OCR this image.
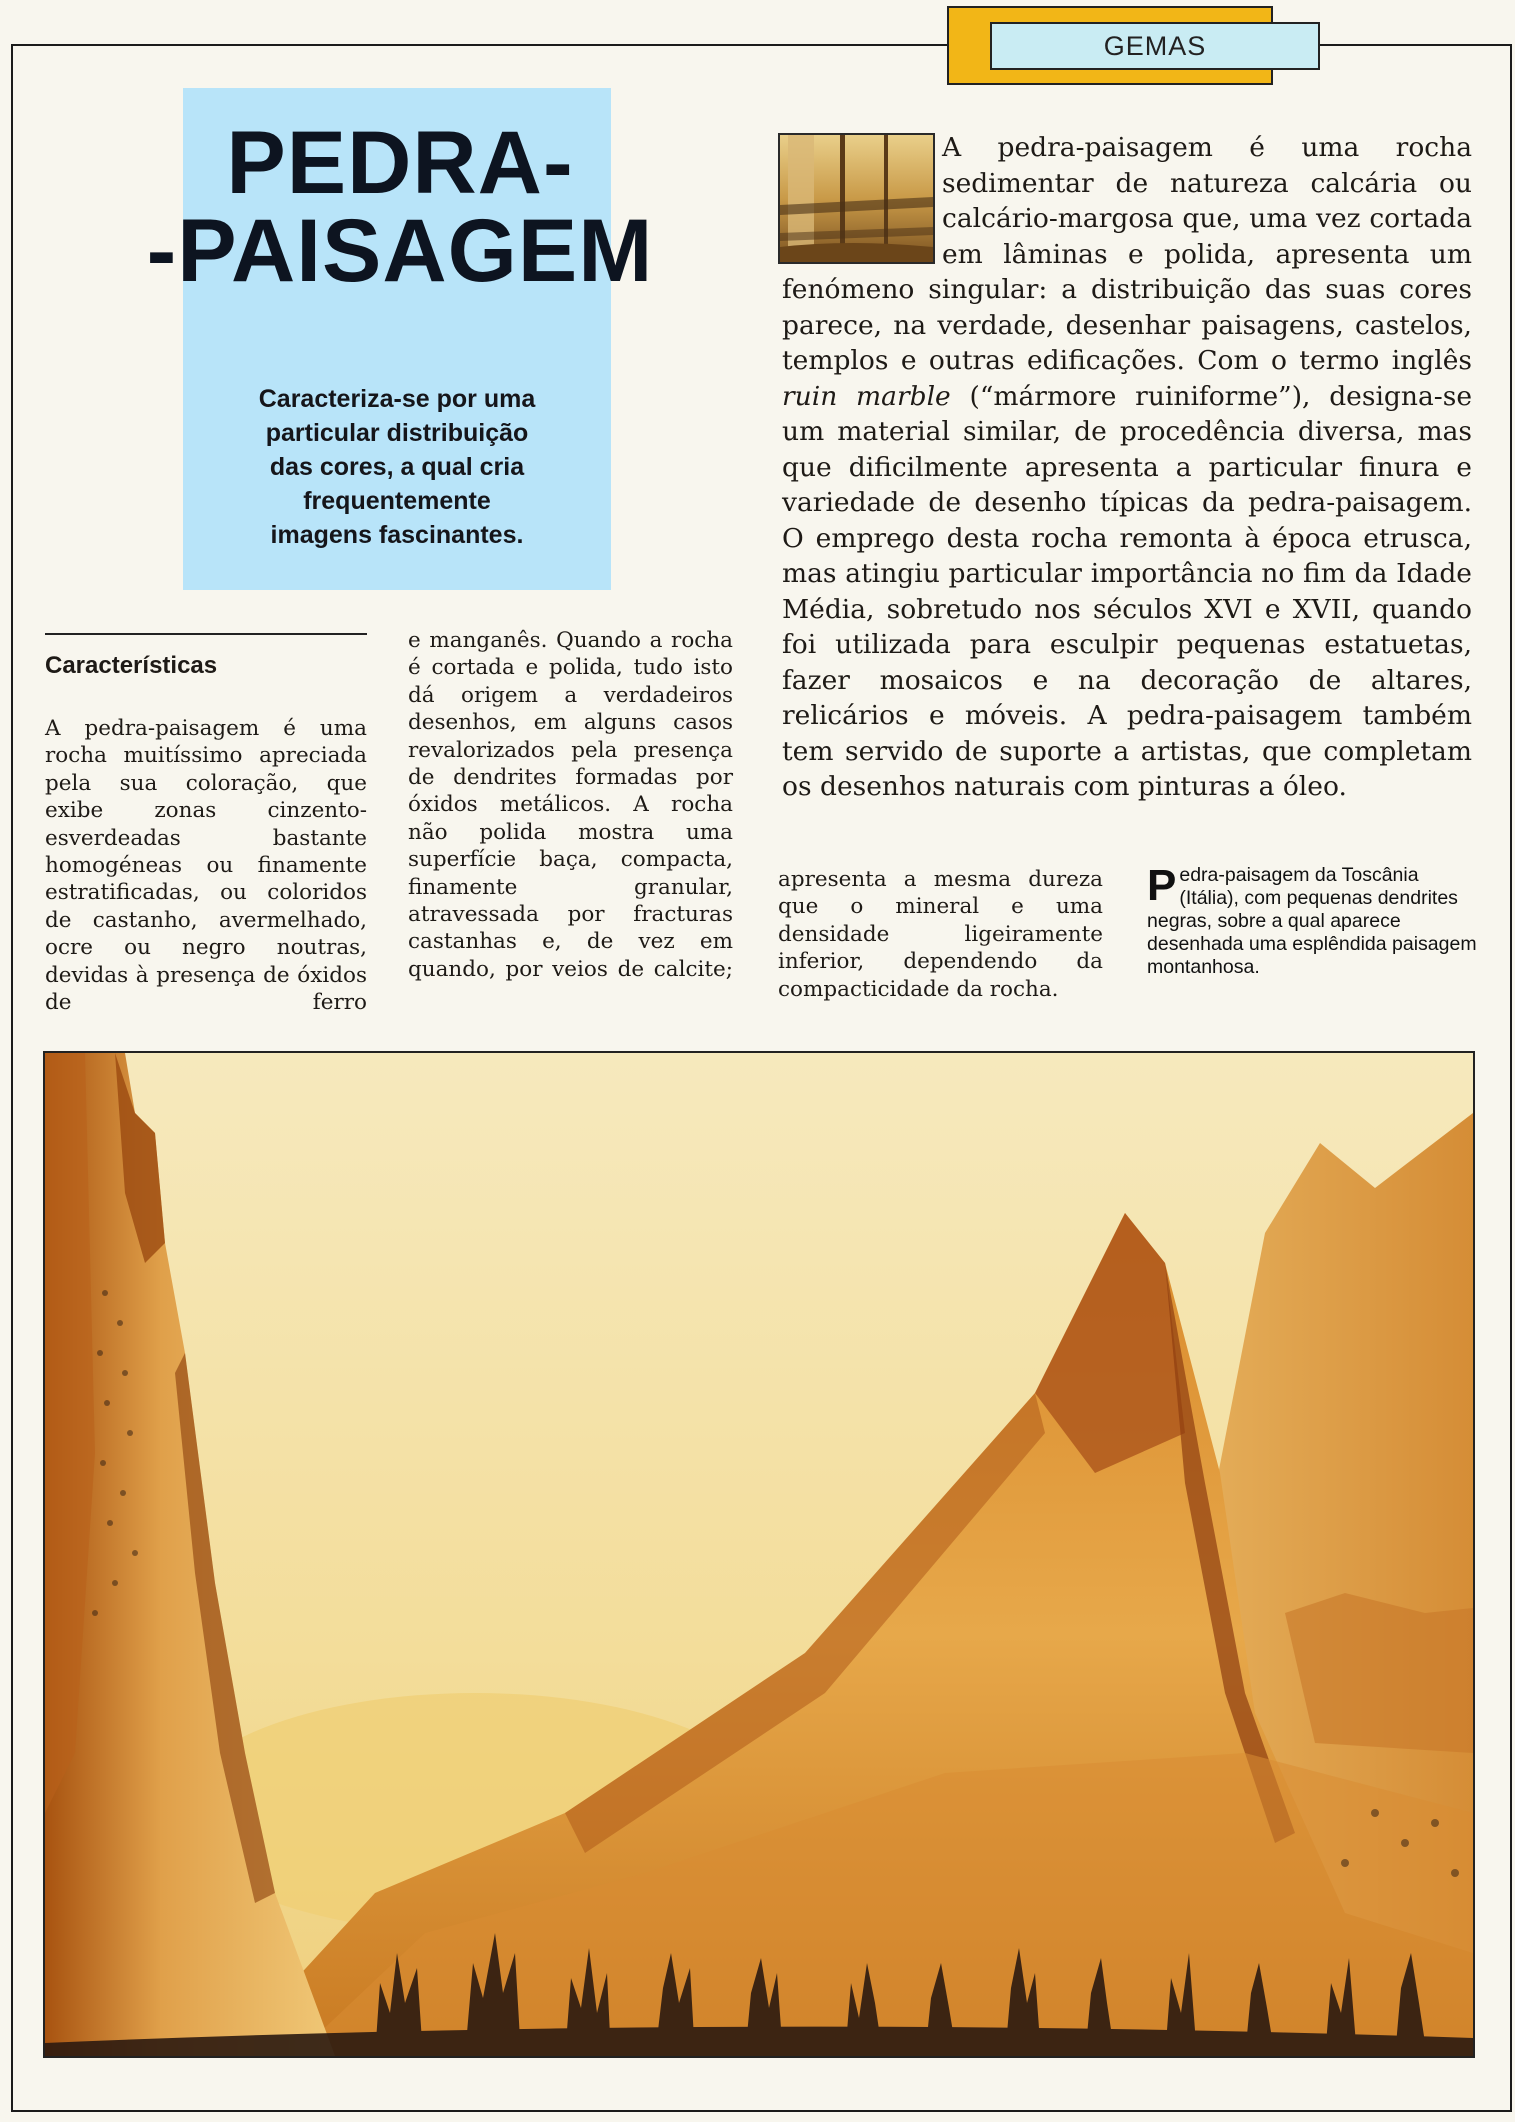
GEMAS
PEDRA-
-PAISAGEM

Caracteriza-se por uma
particular distribuição
das cores, a qual cria
frequentemente
imagens fascinantes.

A pedra-paisagem é uma rocha sedimentar de natureza calcária ou calcário-margosa que, uma vez cortada em lâminas e polida, apresenta um fenómeno singular: a distribuição das suas cores parece, na verdade, desenhar paisagens, castelos, templos e outras edificações. Com o termo inglês ruin marble (“mármore ruiniforme”), designa-se um material similar, de procedência diversa, mas que dificilmente apresenta a particular finura e variedade de desenho típicas da pedra-paisagem. O emprego desta rocha remonta à época etrusca, mas atingiu particular importância no fim da Idade Média, sobretudo nos séculos XVI e XVII, quando foi utilizada para esculpir pequenas estatuetas, fazer mosaicos e na decoração de altares, relicários e móveis. A pedra-paisagem também tem servido de suporte a artistas, que completam os desenhos naturais com pinturas a óleo.

Características

A pedra-paisagem é uma rocha muitíssimo apreciada pela sua coloração, que exibe zonas cinzento-esverdeadas bastante homogéneas ou finamente estratificadas, ou coloridos de castanho, avermelhado, ocre ou negro noutras, devidas à presença de óxidos de ferro

e manganês. Quando a rocha é cortada e polida, tudo isto dá origem a verdadeiros desenhos, em alguns casos revalorizados pela presença de dendrites formadas por óxidos metálicos. A rocha não polida mostra uma superfície baça, compacta, finamente granular, atravessada por fracturas castanhas e, de vez em quando, por veios de calcite;

apresenta a mesma dureza que o mineral e uma densidade ligeiramente inferior, dependendo da compacticidade da rocha.

Pedra-paisagem da Toscânia (Itália), com pequenas dendrites negras, sobre a qual aparece desenhada uma esplêndida paisagem montanhosa.
